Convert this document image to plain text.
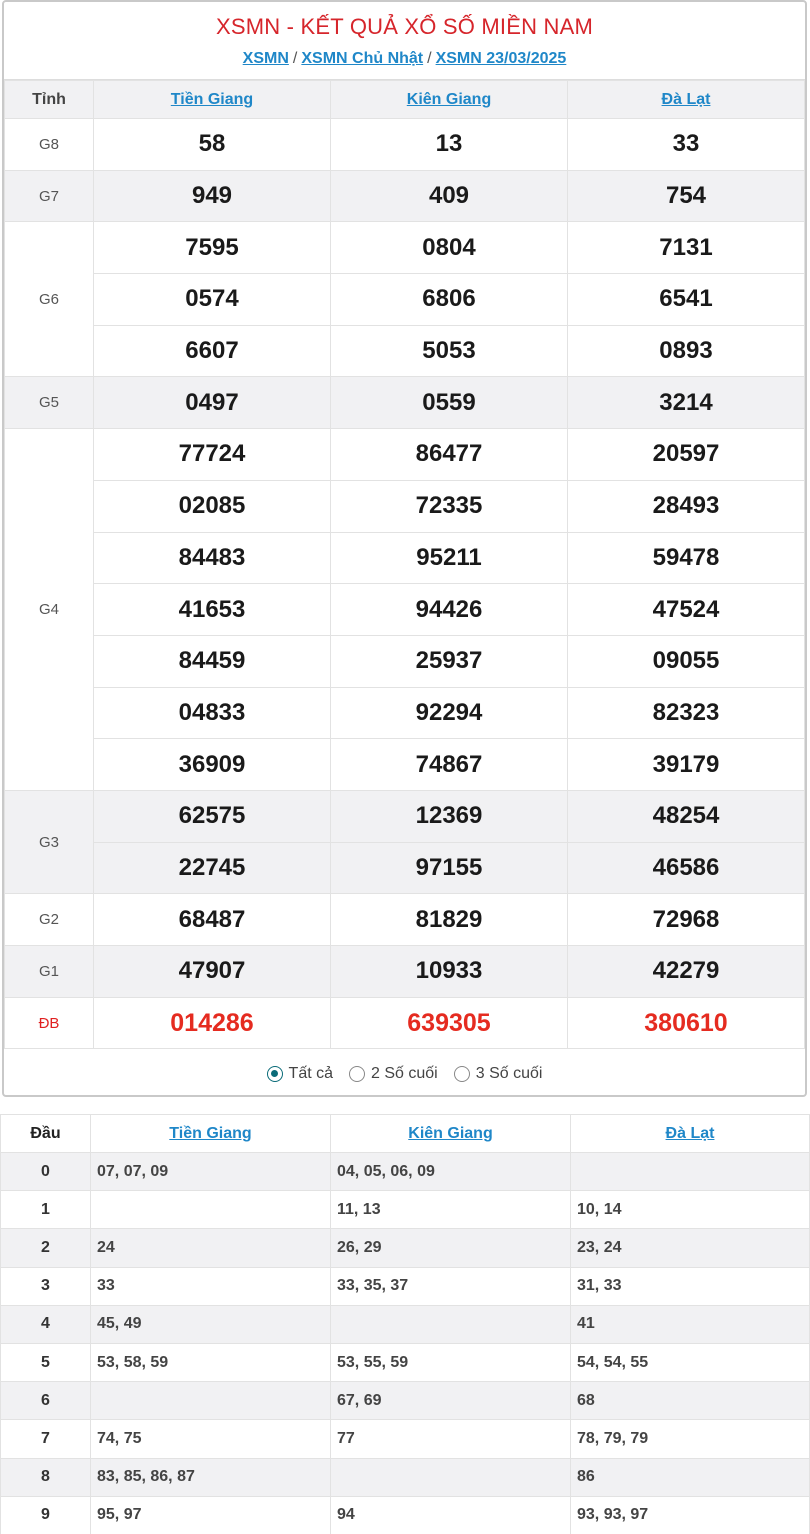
XSMN - KẾT QUẢ XỔ SỐ MIỀN NAM
XSMN / XSMN Chủ Nhật / XSMN 23/03/2025
Tỉnh	Tiền Giang	Kiên Giang	Đà Lạt
G8	58	13	33
G7	949	409	754
G6	7595	0804	7131
	0574	6806	6541
	6607	5053	0893
G5	0497	0559	3214
G4	77724	86477	20597
	02085	72335	28493
	84483	95211	59478
	41653	94426	47524
	84459	25937	09055
	04833	92294	82323
	36909	74867	39179
G3	62575	12369	48254
	22745	97155	46586
G2	68487	81829	72968
G1	47907	10933	42279
ĐB	014286	639305	380610
Tất cả 2 Số cuối 3 Số cuối
Đầu	Tiền Giang	Kiên Giang	Đà Lạt
0	07, 07, 09	04, 05, 06, 09	
1		11, 13	10, 14
2	24	26, 29	23, 24
3	33	33, 35, 37	31, 33
4	45, 49		41
5	53, 58, 59	53, 55, 59	54, 54, 55
6		67, 69	68
7	74, 75	77	78, 79, 79
8	83, 85, 86, 87		86
9	95, 97	94	93, 93, 97
